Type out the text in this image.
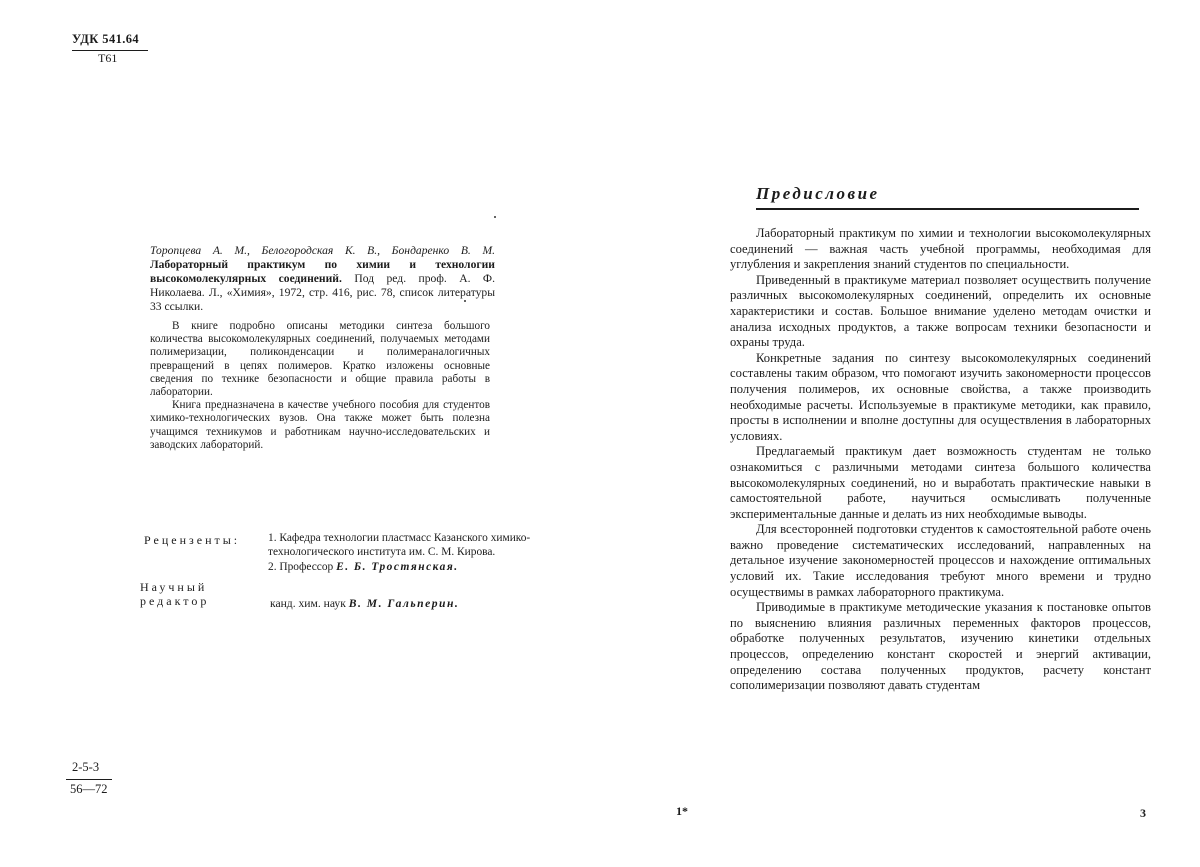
УДК 541.64
Т61
Торопцева А. М., Белогородская К. В., Бондаренко В. М. Лабораторный практикум по химии и технологии высокомолекулярных соединений. Под ред. проф. А. Ф. Николаева. Л., «Химия», 1972, стр. 416, рис. 78, список литературы 33 ссылки.

В книге подробно описаны методики синтеза большого количества высокомолекулярных соединений, получаемых методами полимеризации, поликонденсации и полимераналогичных превращений в цепях полимеров. Кратко изложены основные сведения по технике безопасности и общие правила работы в лаборатории.

Книга предназначена в качестве учебного пособия для студентов химико-технологических вузов. Она также может быть полезна учащимся техникумов и работникам научно-исследовательских и заводских лабораторий.

Рецензенты: 1. Кафедра технологии пластмасс Казанского химико-технологического института им. С. М. Кирова.

2. Профессор Е. Б. Тростянская.

Научный редактор	канд. хим. наук В. М. Гальперин.
2-5-3
56—72
1*
Предисловие

Лабораторный практикум по химии и технологии высокомолекулярных соединений — важная часть учебной программы, необходимая для углубления и закрепления знаний студентов по специальности.

Приведенный в практикуме материал позволяет осуществить получение различных высокомолекулярных соединений, определить их основные характеристики и состав. Большое внимание уделено методам очистки и анализа исходных продуктов, а также вопросам техники безопасности и охраны труда.

Конкретные задания по синтезу высокомолекулярных соединений составлены таким образом, что помогают изучить закономерности процессов получения полимеров, их основные свойства, а также производить необходимые расчеты. Используемые в практикуме методики, как правило, просты в исполнении и вполне доступны для осуществления в лабораторных условиях.

Предлагаемый практикум дает возможность студентам не только ознакомиться с различными методами синтеза большого количества высокомолекулярных соединений, но и выработать практические навыки в самостоятельной работе, научиться осмысливать полученные экспериментальные данные и делать из них необходимые выводы.

Для всесторонней подготовки студентов к самостоятельной работе очень важно проведение систематических исследований, направленных на детальное изучение закономерностей процессов и нахождение оптимальных условий их. Такие исследования требуют много времени и трудно осуществимы в рамках лабораторного практикума.

Приводимые в практикуме методические указания к постановке опытов по выяснению влияния различных переменных факторов процессов, обработке полученных результатов, изучению кинетики отдельных процессов, определению констант скоростей и энергий активации, определению состава полученных продуктов, расчету констант сополимеризации позволяют давать студентам

3
